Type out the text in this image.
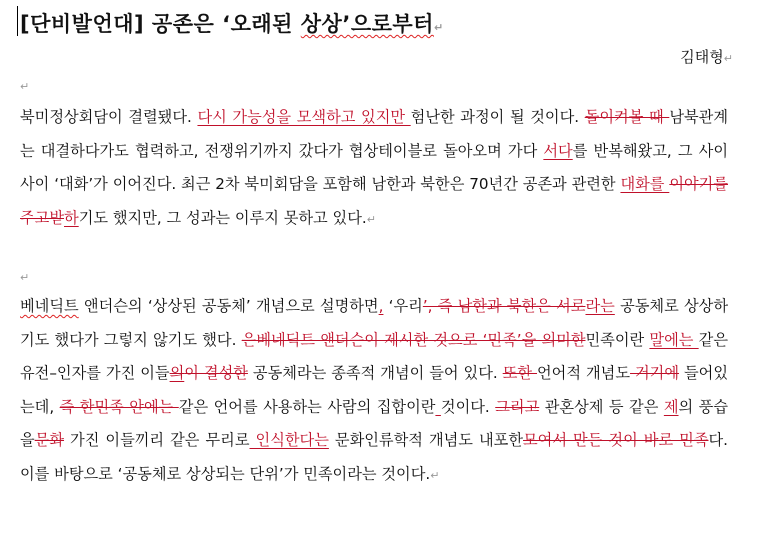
[단비발언대] 공존은 ‘오래된 상상’으로부터↵
김태형↵
↵
북미정상회담이 결렬됐다. 다시 가능성을 모색하고 있지만 험난한 과정이 될 것이다. 돌이켜볼 때 남북관계는 대결하다가도 협력하고, 전쟁위기까지 갔다가 협상테이블로 돌아오며 가다 서다를 반복해왔고, 그 사이사이 ‘대화’가 이어진다. 최근 2차 북미회담을 포함해 남한과 북한은 70년간 공존과 관련한 대화를 이야기를 주고받하기도 했지만, 그 성과는 이루지 못하고 있다.↵
↵
베네딕트 앤더슨의 ‘상상된 공동체’ 개념으로 설명하면, ‘우리’, 즉 남한과 북한은 서로라는 공동체로 상상하기도 했다가 그렇지 않기도 했다. 은베네딕트 앤더슨이 제시한 것으로 ‘민족’을 의미한민족이란 말에는 같은 유전–인자를 가진 이들의이 결성한 공동체라는 종족적 개념이 들어 있다. 또한 언어적 개념도 거기에 들어있는데, 즉 한민족 안에는 같은 언어를 사용하는 사람의 집합이란 것이다. 그리고 관혼상제 등 같은 제의 풍습을문화 가진 이들끼리 같은 무리로 인식한다는 문화인류학적 개념도 내포한모여서 만든 것이 바로 민족다. 이를 바탕으로 ‘공동체로 상상되는 단위’가 민족이라는 것이다.↵
